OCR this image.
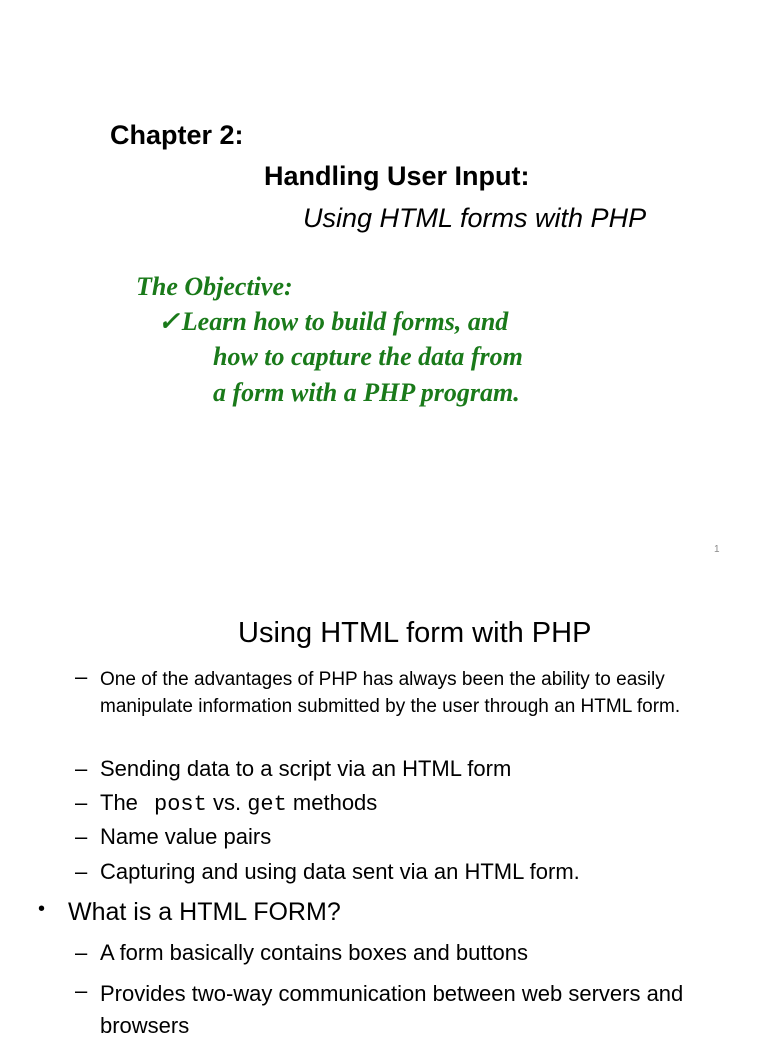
Chapter 2:
Handling User Input:
Using HTML forms with PHP
The Objective:
✓Learn how to build forms, and
how to capture the data from
a form with a PHP program.
1
Using HTML form with PHP
– One of the advantages of PHP has always been the ability to easily manipulate information submitted by the user through an HTML form.
– Sending data to a script via an HTML form
– The post vs. get methods
– Name value pairs
– Capturing and using data sent via an HTML form.
• What is a HTML FORM?
– A form basically contains boxes and buttons
– Provides two-way communication between web servers and browsers
